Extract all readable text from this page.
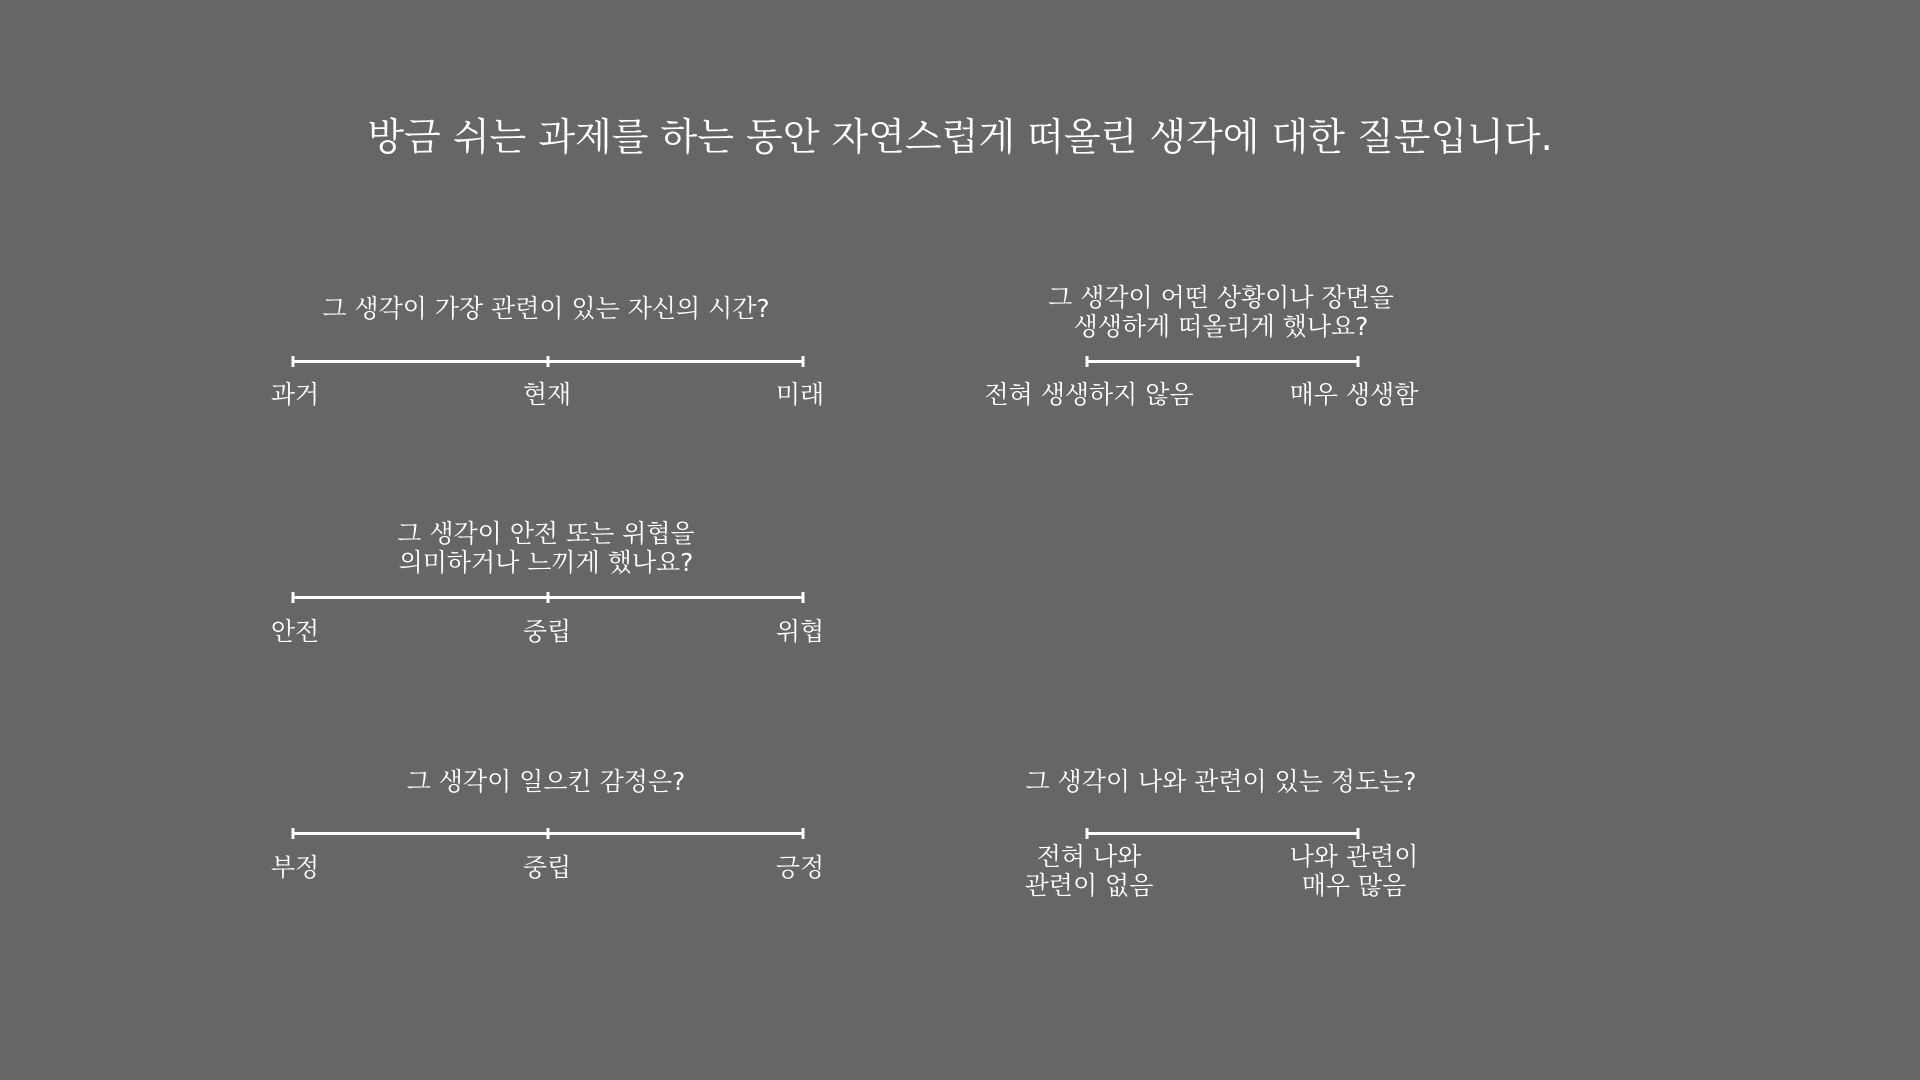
방금 쉬는 과제를 하는 동안 자연스럽게 떠올린 생각에 대한 질문입니다.
그 생각이 가장 관련이 있는 자신의 시간?
과거	현재	미래
그 생각이 어떤 상황이나 장면을
생생하게 떠올리게 했나요?
전혀 생생하지 않음	매우 생생함
그 생각이 안전 또는 위협을
의미하거나 느끼게 했나요?
안전	중립	위협
그 생각이 일으킨 감정은?
부정	중립	긍정
그 생각이 나와 관련이 있는 정도는?
전혀 나와
관련이 없음
나와 관련이
매우 많음
